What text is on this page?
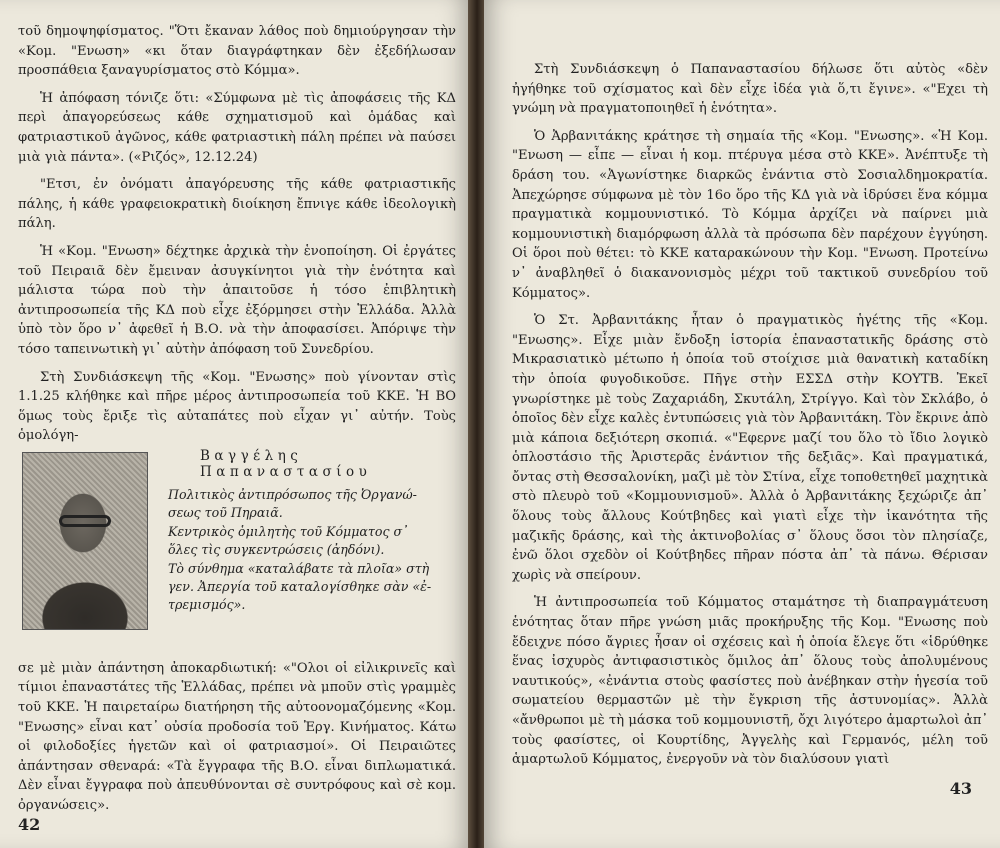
τοῦ δημοψηφίσματος. "Ὅτι ἔκαναν λάθος ποὺ δημιούργησαν τὴν «Κομ. "Ενωση» «κι ὅταν διαγράφτηκαν δὲν ἐξεδήλωσαν προσπάθεια ξαναγυρίσματος στὸ Κόμμα».

Ἡ ἀπόφαση τόνιζε ὅτι: «Σύμφωνα μὲ τὶς ἀποφάσεις τῆς ΚΔ περὶ ἀπαγορεύσεως κάθε σχηματισμοῦ καὶ ὁμάδας καὶ φατριαστικοῦ ἀγῶνος, κάθε φατριαστικὴ πάλη πρέπει νὰ παύσει μιὰ γιὰ πάντα». («Ριζός», 12.12.24)

"Ετσι, ἐν ὀνόματι ἀπαγόρευσης τῆς κάθε φατριαστικῆς πάλης, ἡ κάθε γραφειοκρατικὴ διοίκηση ἔπνιγε κάθε ἰδεολογικὴ πάλη.

Ἡ «Κομ. "Ενωση» δέχτηκε ἀρχικὰ τὴν ἑνοποίηση. Οἱ ἐργάτες τοῦ Πειραιᾶ δὲν ἔμειναν ἀσυγκίνητοι γιὰ τὴν ἑνότητα καὶ μάλιστα τώρα ποὺ τὴν ἀπαιτοῦσε ἡ τόσο ἐπιβλητικὴ ἀντιπροσωπεία τῆς ΚΔ ποὺ εἶχε ἐξόρμησει στὴν Ἑλλάδα. Ἀλλὰ ὑπὸ τὸν ὅρο ν᾿ ἀφεθεῖ ἡ Β.Ο. νὰ τὴν ἀποφασίσει. Ἀπόριψε τὴν τόσο ταπεινωτικὴ γι᾿ αὐτὴν ἀπόφαση τοῦ Συνεδρίου.

Στὴ Συνδιάσκεψη τῆς «Κομ. "Ενωσης» ποὺ γίνονταν στὶς 1.1.25 κλήθηκε καὶ πῆρε μέρος ἀντιπροσωπεία τοῦ ΚΚΕ. Ἡ ΒΟ ὅμως τοὺς ἔριξε τὶς αὐταπάτες ποὺ εἶχαν γι᾿ αὐτήν. Τοὺς ὁμολόγη-

Βαγγέλης Παπαναστασίου

Πολιτικὸς ἀντιπρόσωπος τῆς Ὀργανώ-

σεως τοῦ Πηραιᾶ.

Κεντρικὸς ὁμιλητὴς τοῦ Κόμματος σ᾿

ὅλες τὶς συγκεντρώσεις (ἀηδόνι).

Τὸ σύνθημα «καταλάβατε τὰ πλοῖα» στὴ

γεν. Ἀπεργία τοῦ καταλογίσθηκε σὰν «ἐ-

τρεμισμός».

σε μὲ μιὰν ἀπάντηση ἀποκαρδιωτική: «"Ολοι οἱ εἰλικρινεῖς καὶ τίμιοι ἐπαναστάτες τῆς Ἑλλάδας, πρέπει νὰ μποῦν στὶς γραμμὲς τοῦ ΚΚΕ. Ἡ παιρεταίρω διατήρηση τῆς αὐτοονομαζόμενης «Κομ. "Ενωσης» εἶναι κατ᾿ οὐσία προδοσία τοῦ Ἐργ. Κινήματος. Κάτω οἱ φιλοδοξίες ἡγετῶν καὶ οἱ φατριασμοί». Οἱ Πειραιῶτες ἀπάντησαν σθεναρά: «Τὰ ἔγγραφα τῆς Β.Ο. εἶναι διπλωματικά. Δὲν εἶναι ἔγγραφα ποὺ ἀπευθύνονται σὲ συντρόφους καὶ σὲ κομ. ὀργανώσεις».

42

Στὴ Συνδιάσκεψη ὁ Παπαναστασίου δήλωσε ὅτι αὐτὸς «δὲν ἠγήθηκε τοῦ σχίσματος καὶ δὲν εἶχε ἰδέα γιὰ ὅ,τι ἔγινε». «"Εχει τὴ γνώμη νὰ πραγματοποιηθεῖ ἡ ἑνότητα».

Ὁ Ἀρβανιτάκης κράτησε τὴ σημαία τῆς «Κομ. "Ενωσης». «Ἡ Κομ. "Ενωση — εἶπε — εἶναι ἡ κομ. πτέρυγα μέσα στὸ ΚΚΕ». Ἀνέπτυξε τὴ δράση του. «Ἀγωνίστηκε διαρκῶς ἐνάντια στὸ Σοσιαλδημοκρατία. Ἀπεχώρησε σύμφωνα μὲ τὸν 16ο ὅρο τῆς ΚΔ γιὰ νὰ ἱδρύσει ἕνα κόμμα πραγματικὰ κομμουνιστικό. Τὸ Κόμμα ἀρχίζει νὰ παίρνει μιὰ κομμουνιστικὴ διαμόρφωση ἀλλὰ τὰ πρόσωπα δὲν παρέχουν ἐγγύηση. Οἱ ὅροι ποὺ θέτει: τὸ ΚΚΕ καταρακώνουν τὴν Κομ. "Ενωση. Προτείνω ν᾿ ἀναβληθεῖ ὁ διακανονισμὸς μέχρι τοῦ τακτικοῦ συνεδρίου τοῦ Κόμματος».

Ὁ Στ. Ἀρβανιτάκης ἦταν ὁ πραγματικὸς ἡγέτης τῆς «Κομ. "Ενωσης». Εἶχε μιὰν ἔνδοξη ἱστορία ἐπαναστατικῆς δράσης στὸ Μικρασιατικὸ μέτωπο ἡ ὁποία τοῦ στοίχισε μιὰ θανατικὴ καταδίκη τὴν ὁποία φυγοδικοῦσε. Πῆγε στὴν ΕΣΣΔ στὴν ΚΟΥΤΒ. Ἐκεῖ γνωρίστηκε μὲ τοὺς Ζαχαριάδη, Σκυτάλη, Στρίγγο. Καὶ τὸν Σκλάβο, ὁ ὁποῖος δὲν εἶχε καλὲς ἐντυπώσεις γιὰ τὸν Ἀρβανιτάκη. Τὸν ἔκρινε ἀπὸ μιὰ κάποια δεξιότερη σκοπιά. «"Εφερνε μαζί του ὅλο τὸ ἴδιο λογικὸ ὁπλοστάσιο τῆς Ἀριστερᾶς ἐνάντιον τῆς δεξιᾶς». Καὶ πραγματικά, ὄντας στὴ Θεσσαλονίκη, μαζὶ μὲ τὸν Στίνα, εἶχε τοποθετηθεῖ μαχητικὰ στὸ πλευρὸ τοῦ «Κομμουνισμοῦ». Ἀλλὰ ὁ Ἀρβανιτάκης ξεχώριζε ἀπ᾿ ὅλους τοὺς ἄλλους Κούτβηδες καὶ γιατὶ εἶχε τὴν ἱκανότητα τῆς μαζικῆς δράσης, καὶ τὴς ἀκτινοβολίας σ᾿ ὅλους ὅσοι τὸν πλησίαζε, ἐνῶ ὅλοι σχεδὸν οἱ Κούτβηδες πῆραν πόστα ἀπ᾿ τὰ πάνω. Θέρισαν χωρὶς νὰ σπείρουν.

Ἡ ἀντιπροσωπεία τοῦ Κόμματος σταμάτησε τὴ διαπραγμάτευση ἑνότητας ὅταν πῆρε γνώση μιᾶς προκήρυξης τῆς Κομ. "Ενωσης ποὺ ἔδειχνε πόσο ἄγριες ἦσαν οἱ σχέσεις καὶ ἡ ὁποία ἔλεγε ὅτι «ἱδρύθηκε ἕνας ἰσχυρὸς ἀντιφασιστικὸς ὅμιλος ἀπ᾿ ὅλους τοὺς ἀπολυμένους ναυτικούς», «ἐνάντια στοὺς φασίστες ποὺ ἀνέβηκαν στὴν ἡγεσία τοῦ σωματείου θερμαστῶν μὲ τὴν ἔγκριση τῆς ἀστυνομίας». Ἀλλὰ «ἄνθρωποι μὲ τὴ μάσκα τοῦ κομμουνιστῆ, ὄχι λιγότερο ἁμαρτωλοὶ ἀπ᾿ τοὺς φασίστες, οἱ Κουρτίδης, Ἀγγελὴς καὶ Γερμανός, μέλη τοῦ ἁμαρτωλοῦ Κόμματος, ἐνεργοῦν νὰ τὸν διαλύσουν γιατὶ

43
